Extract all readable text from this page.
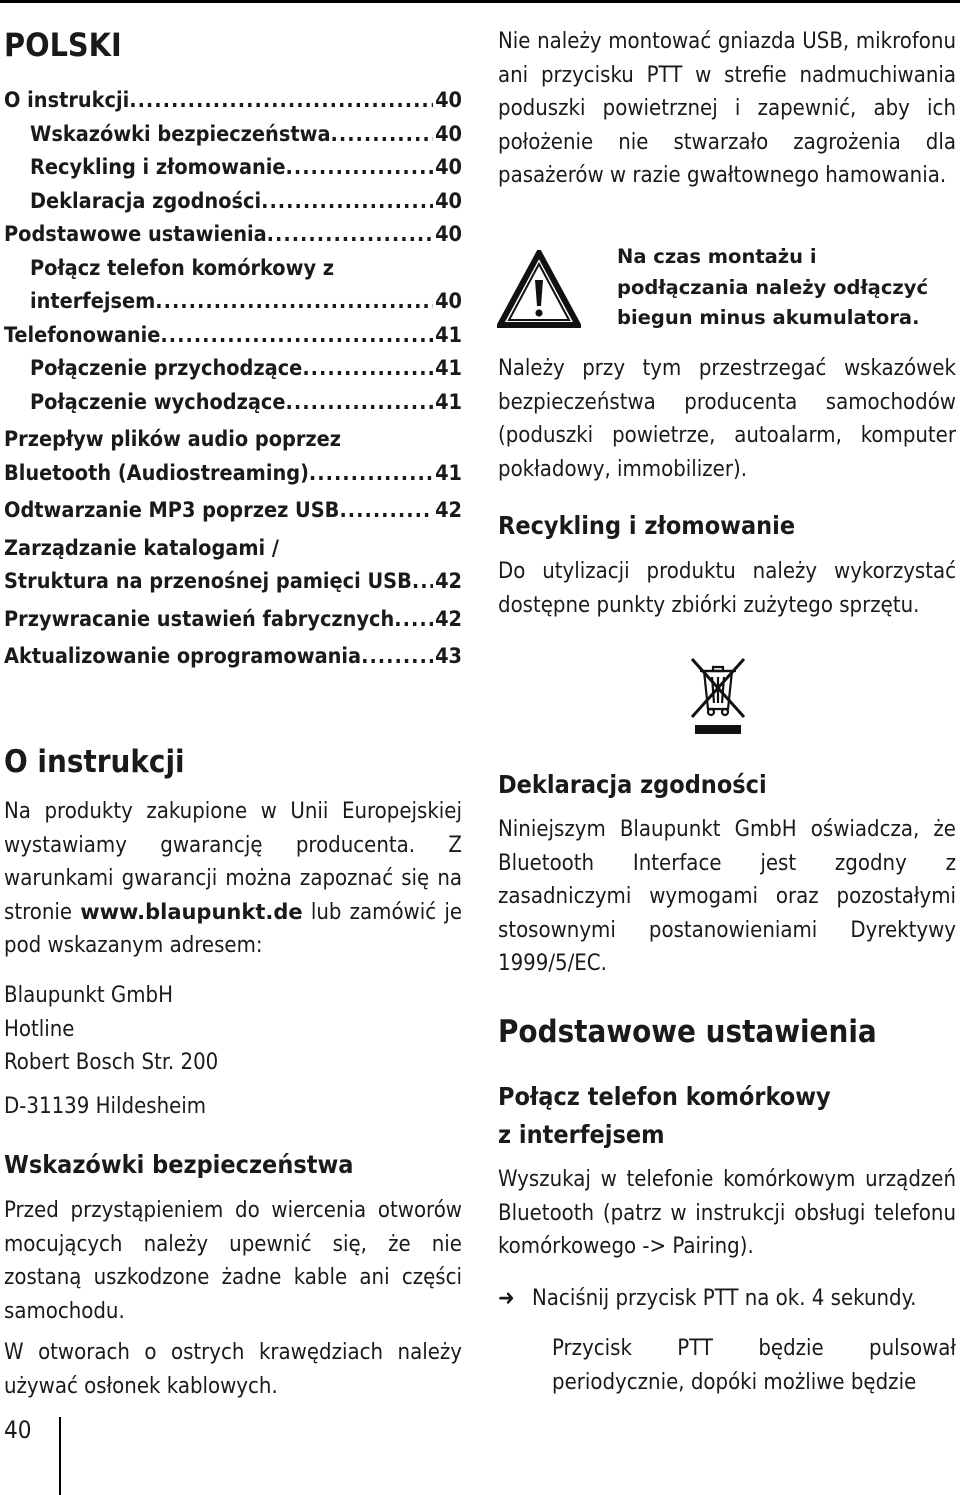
POLSKI
O instrukcji .....	40
Wskazówki bezpieczeństwa .....	40
Recykling i złomowanie .....	40
Deklaracja zgodności .....	40
Podstawowe ustawienia .....	40
Połącz telefon komórkowy z
interfejsem .....	40
Telefonowanie .....	41
Połączenie przychodzące .....	41
Połączenie wychodzące .....	41
Przepływ plików audio poprzez
Bluetooth (Audiostreaming) .....	41
Odtwarzanie MP3 poprzez USB .....	42
Zarządzanie katalogami /
Struktura na przenośnej pamięci USB ..... 42
Przywracanie ustawień fabrycznych ..... 42
Aktualizowanie oprogramowania .....	43
O instrukcji
Na produkty zakupione w Unii Europejskiej wystawiamy gwarancję producenta. Z warunkami gwarancji można zapoznać się na stronie www.blaupunkt.de lub zamówić je pod wskazanym adresem:
Blaupunkt GmbH
Hotline
Robert Bosch Str. 200
D-31139 Hildesheim
Wskazówki bezpieczeństwa
Przed przystąpieniem do wiercenia otworów mocujących należy upewnić się, że nie zostaną uszkodzone żadne kable ani części samochodu.
W otworach o ostrych krawędziach należy używać osłonek kablowych.
Nie należy montować gniazda USB, mikrofonu ani przycisku PTT w strefie nadmuchiwania poduszki powietrznej i zapewnić, aby ich położenie nie stwarzało zagrożenia dla pasażerów w razie gwałtownego hamowania.
Na czas montażu i podłączania należy odłączyć biegun minus akumulatora.
Należy przy tym przestrzegać wskazówek bezpieczeństwa producenta samochodów (poduszki powietrze, autoalarm, komputer pokładowy, immobilizer).
Recykling i złomowanie
Do utylizacji produktu należy wykorzystać dostępne punkty zbiórki zużytego sprzętu.
Deklaracja zgodności
Niniejszym Blaupunkt GmbH oświadcza, że Bluetooth Interface jest zgodny z zasadniczymi wymogami oraz pozostałymi stosownymi postanowieniami Dyrektywy 1999/5/EC.
Podstawowe ustawienia
Połącz telefon komórkowy
z interfejsem
Wyszukaj w telefonie komórkowym urządzeń Bluetooth (patrz w instrukcji obsługi telefonu komórkowego -> Pairing).
➜ Naciśnij przycisk PTT na ok. 4 sekundy.
Przycisk PTT będzie pulsował periodycznie, dopóki możliwe będzie
40
